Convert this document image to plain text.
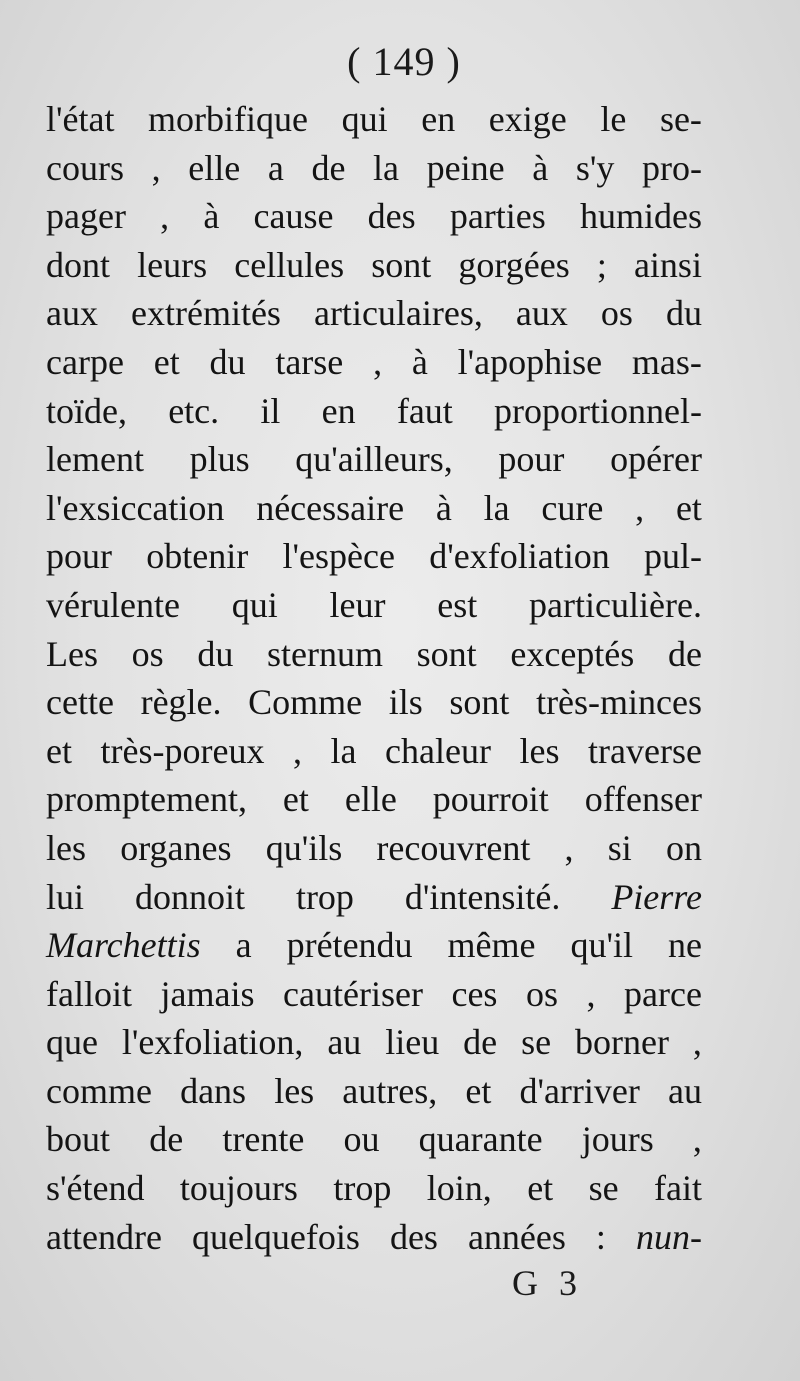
( 149 )
l'état morbifique qui en exige le se-
cours , elle a de la peine à s'y pro-
pager , à cause des parties humides
dont leurs cellules sont gorgées ; ainsi
aux extrémités articulaires, aux os du
carpe et du tarse , à l'apophise mas-
toïde, etc. il en faut proportionnel-
lement plus qu'ailleurs, pour opérer
l'exsiccation nécessaire à la cure , et
pour obtenir l'espèce d'exfoliation pul-
vérulente qui leur est particulière.
Les os du sternum sont exceptés de
cette règle. Comme ils sont très-minces
et très-poreux , la chaleur les traverse
promptement, et elle pourroit offenser
les organes qu'ils recouvrent , si on
lui donnoit trop d'intensité. Pierre
Marchettis a prétendu même qu'il ne
falloit jamais cautériser ces os , parce
que l'exfoliation, au lieu de se borner ,
comme dans les autres, et d'arriver au
bout de trente ou quarante jours ,
s'étend toujours trop loin, et se fait
attendre quelquefois des années : nun-
G 3
